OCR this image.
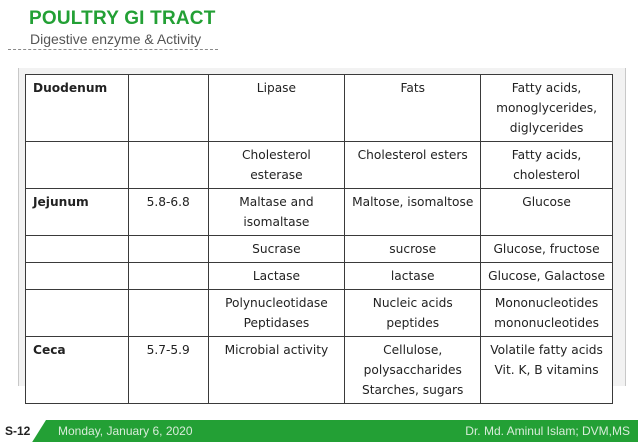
POULTRY GI TRACT
Digestive enzyme & Activity
Duodenum		Lipase	Fats	Fatty acids,
monoglycerides,
diglycerides
		Cholesterol
esterase	Cholesterol esters	Fatty acids,
cholesterol
Jejunum	5.8-6.8	Maltase and
isomaltase	Maltose, isomaltose	Glucose
		Sucrase	sucrose	Glucose, fructose
		Lactase	lactase	Glucose, Galactose
		Polynucleotidase
Peptidases	Nucleic acids
peptides	Mononucleotides
mononucleotides
Ceca	5.7-5.9	Microbial activity	Cellulose,
polysaccharides
Starches, sugars	Volatile fatty acids
Vit. K, B vitamins
S-12 Monday, January 6, 2020	Dr. Md. Aminul Islam; DVM,MS
